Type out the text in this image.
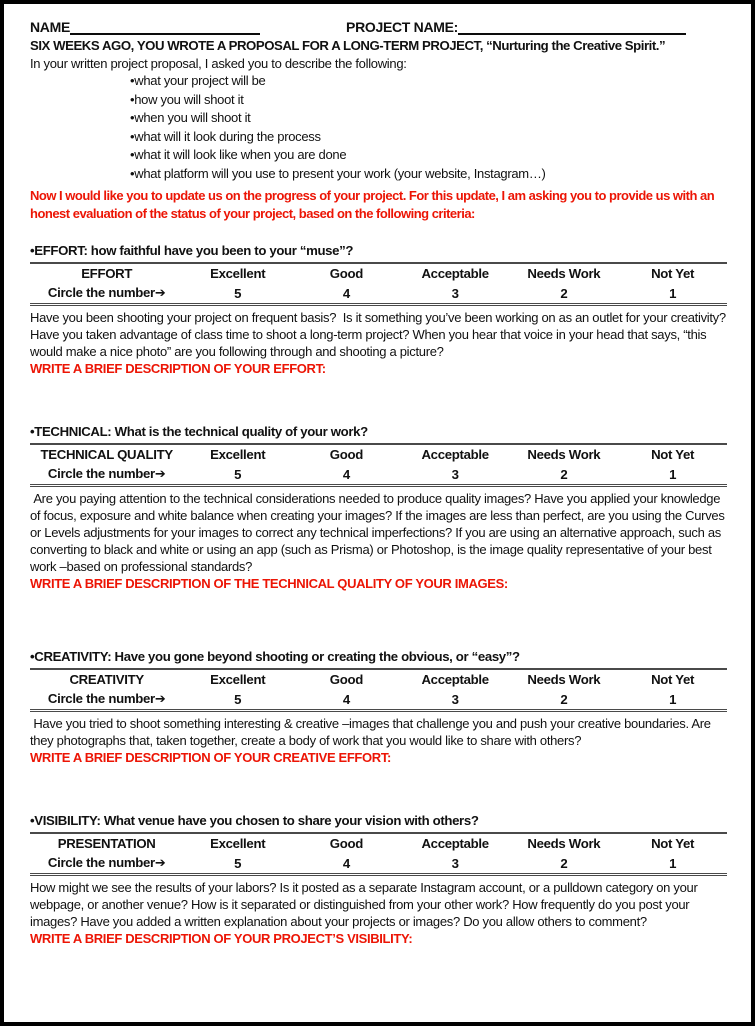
NAME	PROJECT NAME:
SIX WEEKS AGO, YOU WROTE A PROPOSAL FOR A LONG-TERM PROJECT, “Nurturing the Creative Spirit.”
In your written project proposal, I asked you to describe the following:
•what your project will be
•how you will shoot it
•when you will shoot it
•what will it look during the process
•what it will look like when you are done
•what platform will you use to present your work (your website, Instagram…)
Now I would like you to update us on the progress of your project. For this update, I am asking you to provide us with an honest evaluation of the status of your project, based on the following criteria:
•EFFORT: how faithful have you been to your “muse”?
EFFORT	Excellent	Good	Acceptable	Needs Work	Not Yet
Circle the number➔	5	4	3	2	1
Have you been shooting your project on frequent basis?  Is it something you’ve been working on as an outlet for your creativity?  Have you taken advantage of class time to shoot a long-term project? When you hear that voice in your head that says, “this would make a nice photo” are you following through and shooting a picture?
WRITE A BRIEF DESCRIPTION OF YOUR EFFORT:
•TECHNICAL: What is the technical quality of your work?
TECHNICAL QUALITY	Excellent	Good	Acceptable	Needs Work	Not Yet
Circle the number➔	5	4	3	2	1
Are you paying attention to the technical considerations needed to produce quality images? Have you applied your knowledge of focus, exposure and white balance when creating your images? If the images are less than perfect, are you using the Curves or Levels adjustments for your images to correct any technical imperfections? If you are using an alternative approach, such as converting to black and white or using an app (such as Prisma) or Photoshop, is the image quality representative of your best work –based on professional standards?
WRITE A BRIEF DESCRIPTION OF THE TECHNICAL QUALITY OF YOUR IMAGES:
•CREATIVITY: Have you gone beyond shooting or creating the obvious, or “easy”?
CREATIVITY	Excellent	Good	Acceptable	Needs Work	Not Yet
Circle the number➔	5	4	3	2	1
Have you tried to shoot something interesting & creative –images that challenge you and push your creative boundaries. Are they photographs that, taken together, create a body of work that you would like to share with others?
WRITE A BRIEF DESCRIPTION OF YOUR CREATIVE EFFORT:
•VISIBILITY: What venue have you chosen to share your vision with others?
PRESENTATION	Excellent	Good	Acceptable	Needs Work	Not Yet
Circle the number➔	5	4	3	2	1
How might we see the results of your labors? Is it posted as a separate Instagram account, or a pulldown category on your webpage, or another venue? How is it separated or distinguished from your other work? How frequently do you post your images? Have you added a written explanation about your projects or images? Do you allow others to comment?
WRITE A BRIEF DESCRIPTION OF YOUR PROJECT’S VISIBILITY:
